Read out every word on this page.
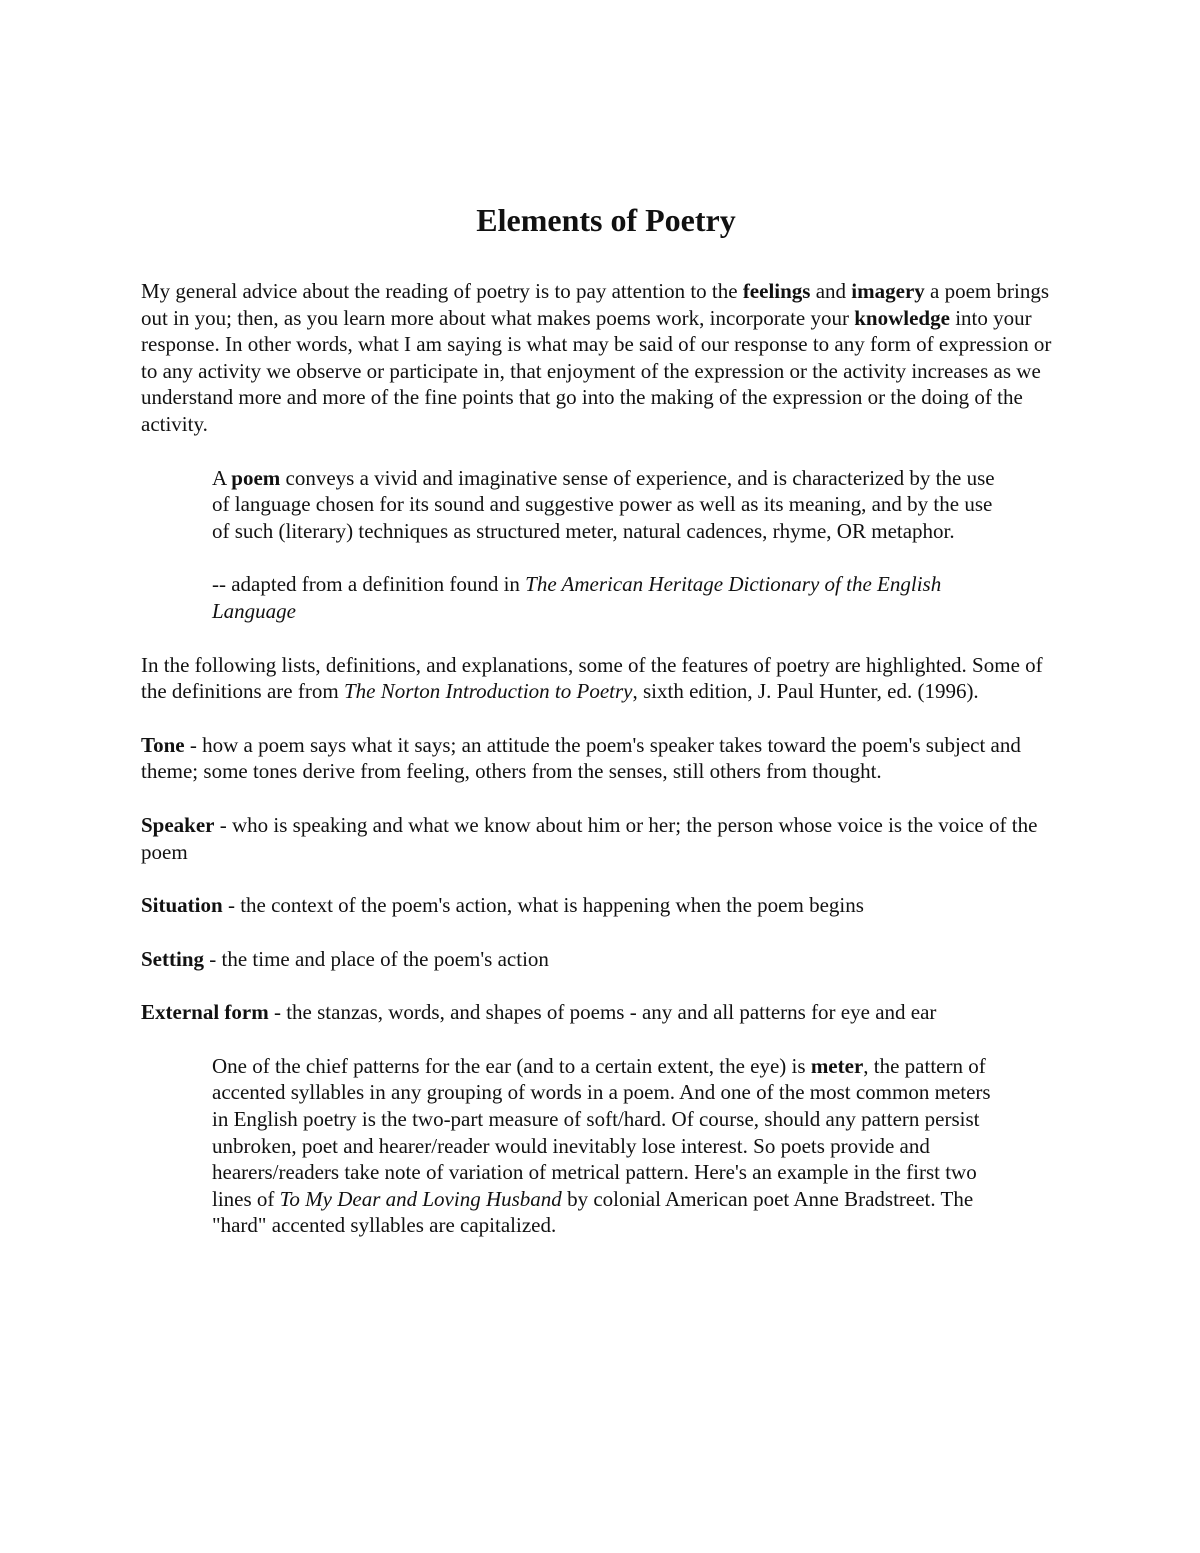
Elements of Poetry

My general advice about the reading of poetry is to pay attention to the feelings and imagery a poem brings out in you; then, as you learn more about what makes poems work, incorporate your knowledge into your response. In other words, what I am saying is what may be said of our response to any form of expression or to any activity we observe or participate in, that enjoyment of the expression or the activity increases as we understand more and more of the fine points that go into the making of the expression or the doing of the activity.

A poem conveys a vivid and imaginative sense of experience, and is characterized by the use of language chosen for its sound and suggestive power as well as its meaning, and by the use of such (literary) techniques as structured meter, natural cadences, rhyme, OR metaphor.

-- adapted from a definition found in The American Heritage Dictionary of the English Language

In the following lists, definitions, and explanations, some of the features of poetry are highlighted. Some of the definitions are from The Norton Introduction to Poetry, sixth edition, J. Paul Hunter, ed. (1996).

Tone - how a poem says what it says; an attitude the poem's speaker takes toward the poem's subject and theme; some tones derive from feeling, others from the senses, still others from thought.

Speaker - who is speaking and what we know about him or her; the person whose voice is the voice of the poem

Situation - the context of the poem's action, what is happening when the poem begins

Setting - the time and place of the poem's action

External form - the stanzas, words, and shapes of poems - any and all patterns for eye and ear

One of the chief patterns for the ear (and to a certain extent, the eye) is meter, the pattern of accented syllables in any grouping of words in a poem. And one of the most common meters in English poetry is the two-part measure of soft/hard. Of course, should any pattern persist unbroken, poet and hearer/reader would inevitably lose interest. So poets provide and hearers/readers take note of variation of metrical pattern. Here's an example in the first two lines of To My Dear and Loving Husband by colonial American poet Anne Bradstreet. The "hard" accented syllables are capitalized.
